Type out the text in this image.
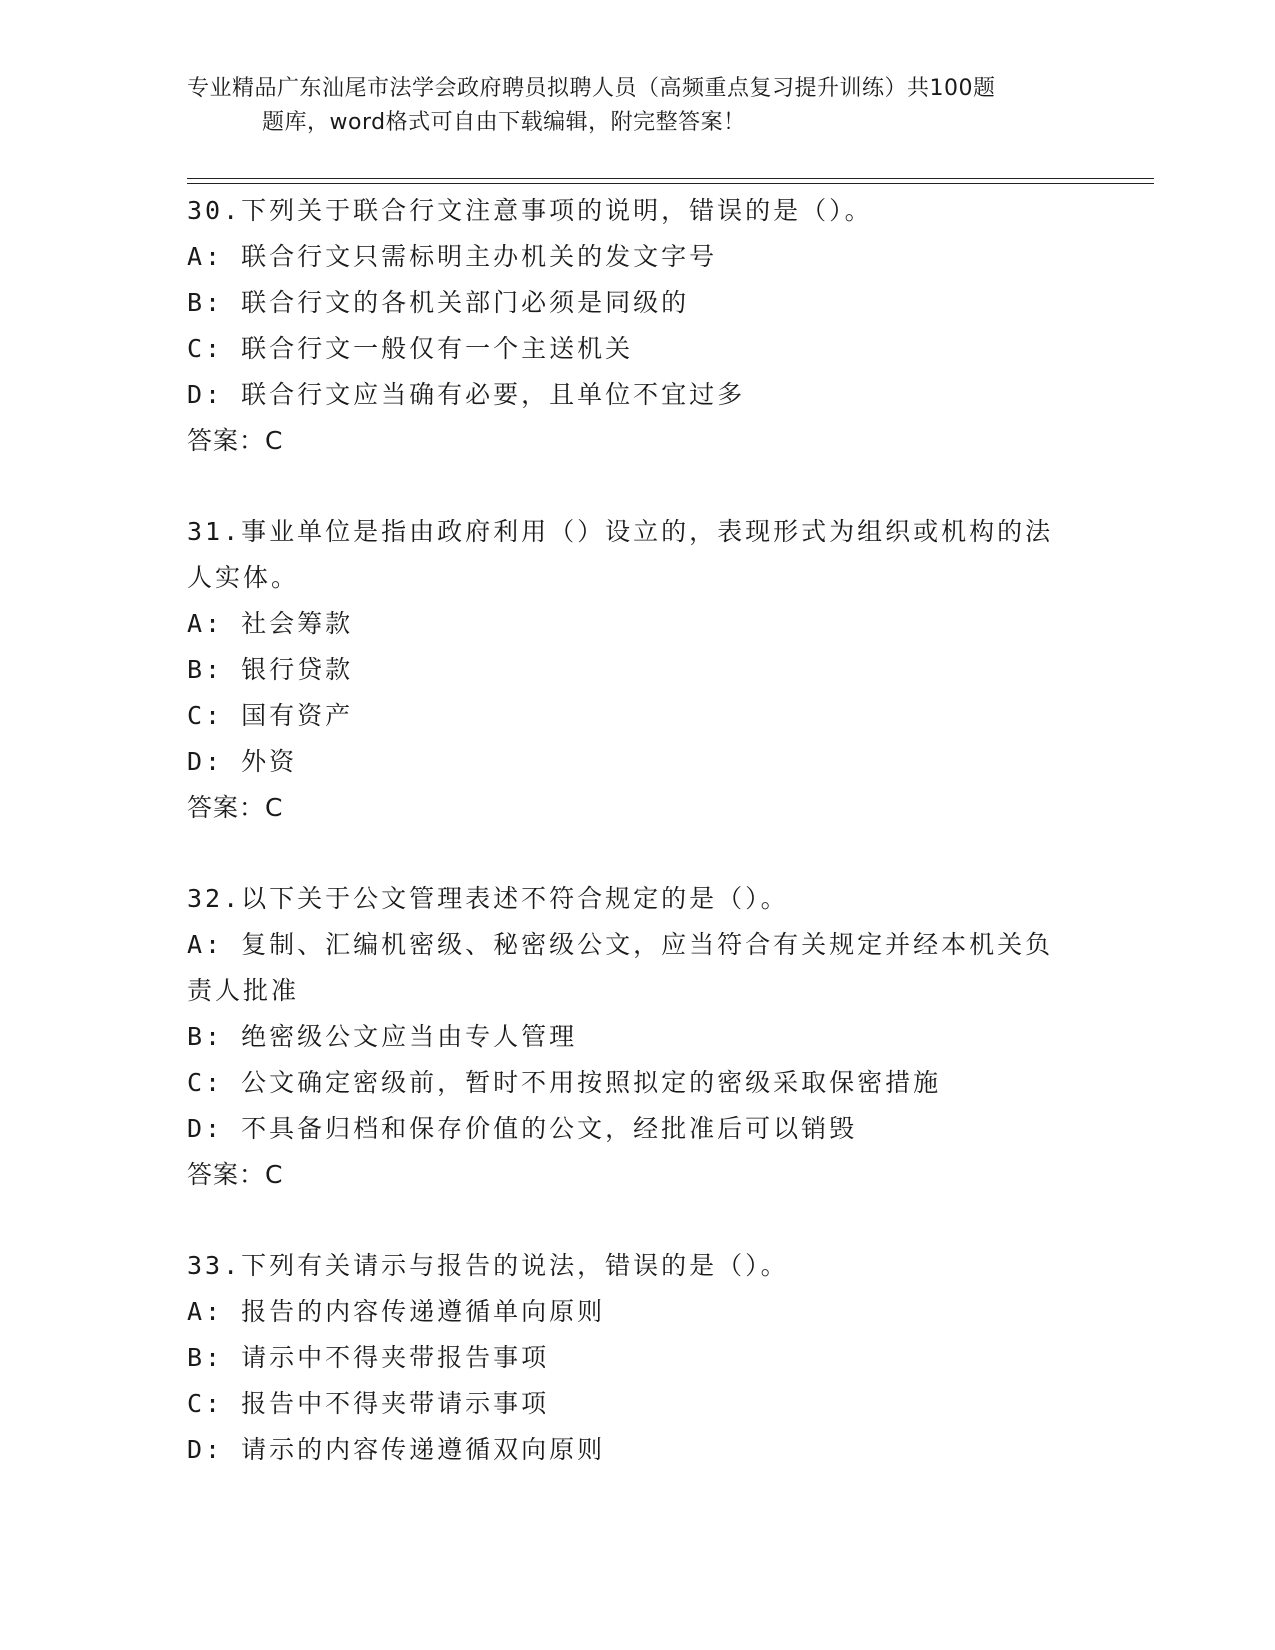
专业精品广东汕尾市法学会政府聘员拟聘人员（高频重点复习提升训练）共100题
题库，word格式可自由下载编辑，附完整答案！
30.下列关于联合行文注意事项的说明，错误的是（）。
A: 联合行文只需标明主办机关的发文字号
B: 联合行文的各机关部门必须是同级的
C: 联合行文一般仅有一个主送机关
D: 联合行文应当确有必要，且单位不宜过多
答案：C
31.事业单位是指由政府利用（）设立的，表现形式为组织或机构的法
人实体。
A: 社会筹款
B: 银行贷款
C: 国有资产
D: 外资
答案：C
32.以下关于公文管理表述不符合规定的是（）。
A: 复制、汇编机密级、秘密级公文，应当符合有关规定并经本机关负
责人批准
B: 绝密级公文应当由专人管理
C: 公文确定密级前，暂时不用按照拟定的密级采取保密措施
D: 不具备归档和保存价值的公文，经批准后可以销毁
答案：C
33.下列有关请示与报告的说法，错误的是（）。
A: 报告的内容传递遵循单向原则
B: 请示中不得夹带报告事项
C: 报告中不得夹带请示事项
D: 请示的内容传递遵循双向原则
